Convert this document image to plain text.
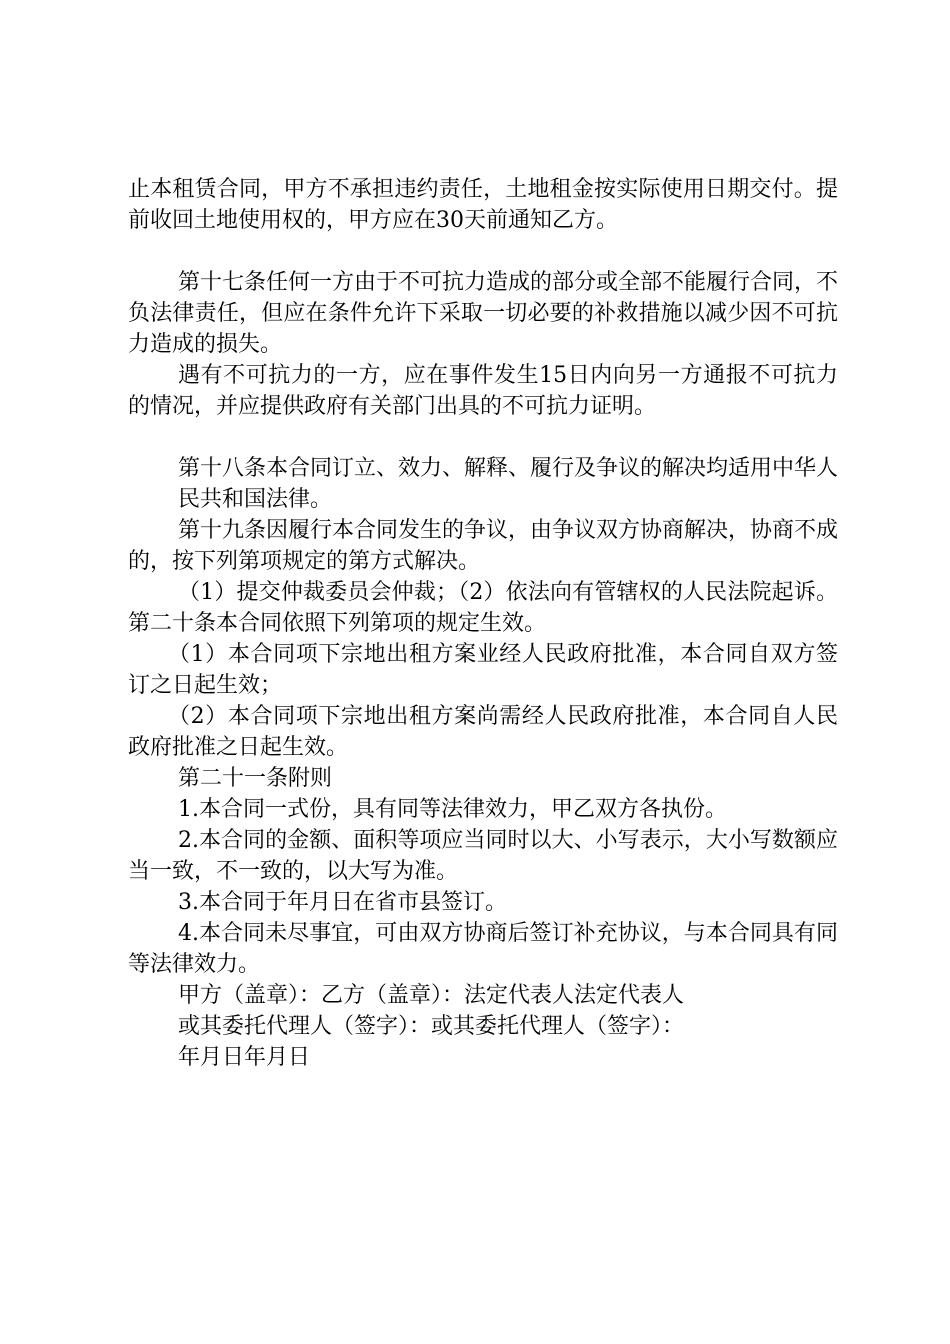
止本租赁合同，甲方不承担违约责任，土地租金按实际使用日期交付。提前收回土地使用权的，甲方应在30天前通知乙方。

第十七条任何一方由于不可抗力造成的部分或全部不能履行合同，不负法律责任，但应在条件允许下采取一切必要的补救措施以减少因不可抗力造成的损失。

遇有不可抗力的一方，应在事件发生15日内向另一方通报不可抗力的情况，并应提供政府有关部门出具的不可抗力证明。

第十八条本合同订立、效力、解释、履行及争议的解决均适用中华人

民共和国法律。

第十九条因履行本合同发生的争议，由争议双方协商解决，协商不成的，按下列第项规定的第方式解决。

（1）提交仲裁委员会仲裁；（2）依法向有管辖权的人民法院起诉。第二十条本合同依照下列第项的规定生效。

（1）本合同项下宗地出租方案业经人民政府批准，本合同自双方签订之日起生效；

（2）本合同项下宗地出租方案尚需经人民政府批准，本合同自人民政府批准之日起生效。

第二十一条附则

1.本合同一式份，具有同等法律效力，甲乙双方各执份。

2.本合同的金额、面积等项应当同时以大、小写表示，大小写数额应当一致，不一致的，以大写为准。

3.本合同于年月日在省市县签订。

4.本合同未尽事宜，可由双方协商后签订补充协议，与本合同具有同等法律效力。

甲方（盖章）：乙方（盖章）：法定代表人法定代表人

或其委托代理人（签字）：或其委托代理人（签字）：

年月日年月日
